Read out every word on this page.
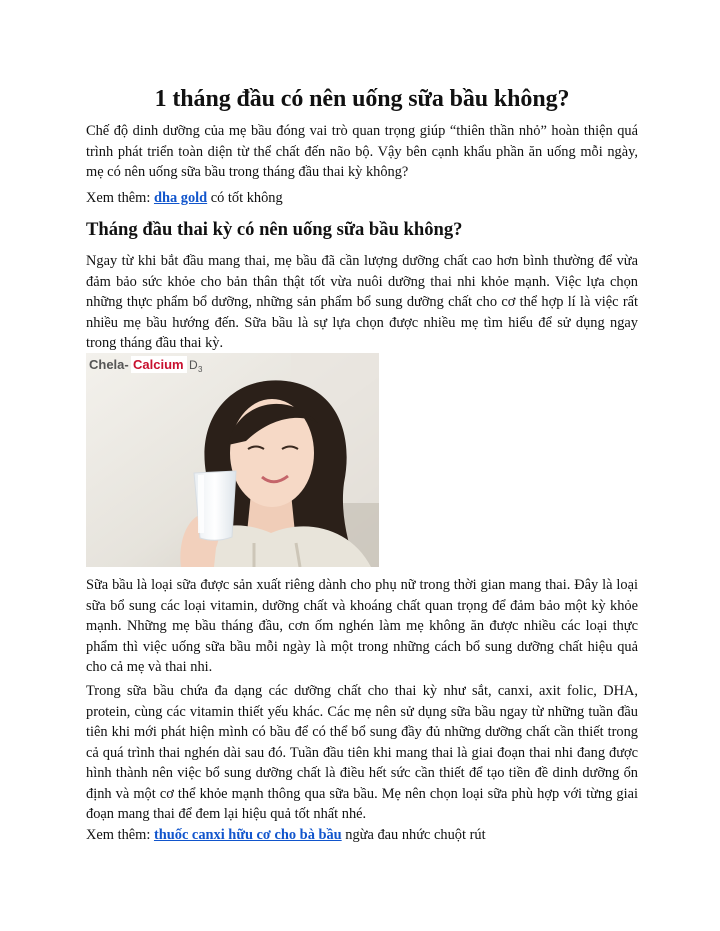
1 tháng đầu có nên uống sữa bầu không?

Chế độ dinh dưỡng của mẹ bầu đóng vai trò quan trọng giúp “thiên thần nhỏ” hoàn thiện quá trình phát triển toàn diện từ thể chất đến não bộ. Vậy bên cạnh khẩu phần ăn uống mỗi ngày, mẹ có nên uống sữa bầu trong tháng đầu thai kỳ không?

Xem thêm: dha gold có tốt không

Tháng đầu thai kỳ có nên uống sữa bầu không?

Ngay từ khi bắt đầu mang thai, mẹ bầu đã cần lượng dưỡng chất cao hơn bình thường để vừa đảm bảo sức khỏe cho bản thân thật tốt vừa nuôi dưỡng thai nhi khỏe mạnh. Việc lựa chọn những thực phẩm bổ dưỡng, những sản phẩm bổ sung dưỡng chất cho cơ thể hợp lí là việc rất nhiều mẹ bầu hướng đến. Sữa bầu là sự lựa chọn được nhiều mẹ tìm hiểu để sử dụng ngay trong tháng đầu thai kỳ.

Chela- Calcium D 3

Sữa bầu là loại sữa được sản xuất riêng dành cho phụ nữ trong thời gian mang thai. Đây là loại sữa bổ sung các loại vitamin, dưỡng chất và khoáng chất quan trọng để đảm bảo một kỳ khỏe mạnh. Những mẹ bầu tháng đầu, cơn ốm nghén làm mẹ không ăn được nhiều các loại thực phẩm thì việc uống sữa bầu mỗi ngày là một trong những cách bổ sung dưỡng chất hiệu quả cho cả mẹ và thai nhi.

Trong sữa bầu chứa đa dạng các dưỡng chất cho thai kỳ như sắt, canxi, axit folic, DHA, protein, cùng các vitamin thiết yếu khác. Các mẹ nên sử dụng sữa bầu ngay từ những tuần đầu tiên khi mới phát hiện mình có bầu để có thể bổ sung đầy đủ những dưỡng chất cần thiết trong cả quá trình thai nghén dài sau đó. Tuần đầu tiên khi mang thai là giai đoạn thai nhi đang được hình thành nên việc bổ sung dưỡng chất là điều hết sức cần thiết để tạo tiền đề dinh dưỡng ổn định và một cơ thể khỏe mạnh thông qua sữa bầu. Mẹ nên chọn loại sữa phù hợp với từng giai đoạn mang thai để đem lại hiệu quả tốt nhất nhé.

Xem thêm: thuốc canxi hữu cơ cho bà bầu ngừa đau nhức chuột rút
